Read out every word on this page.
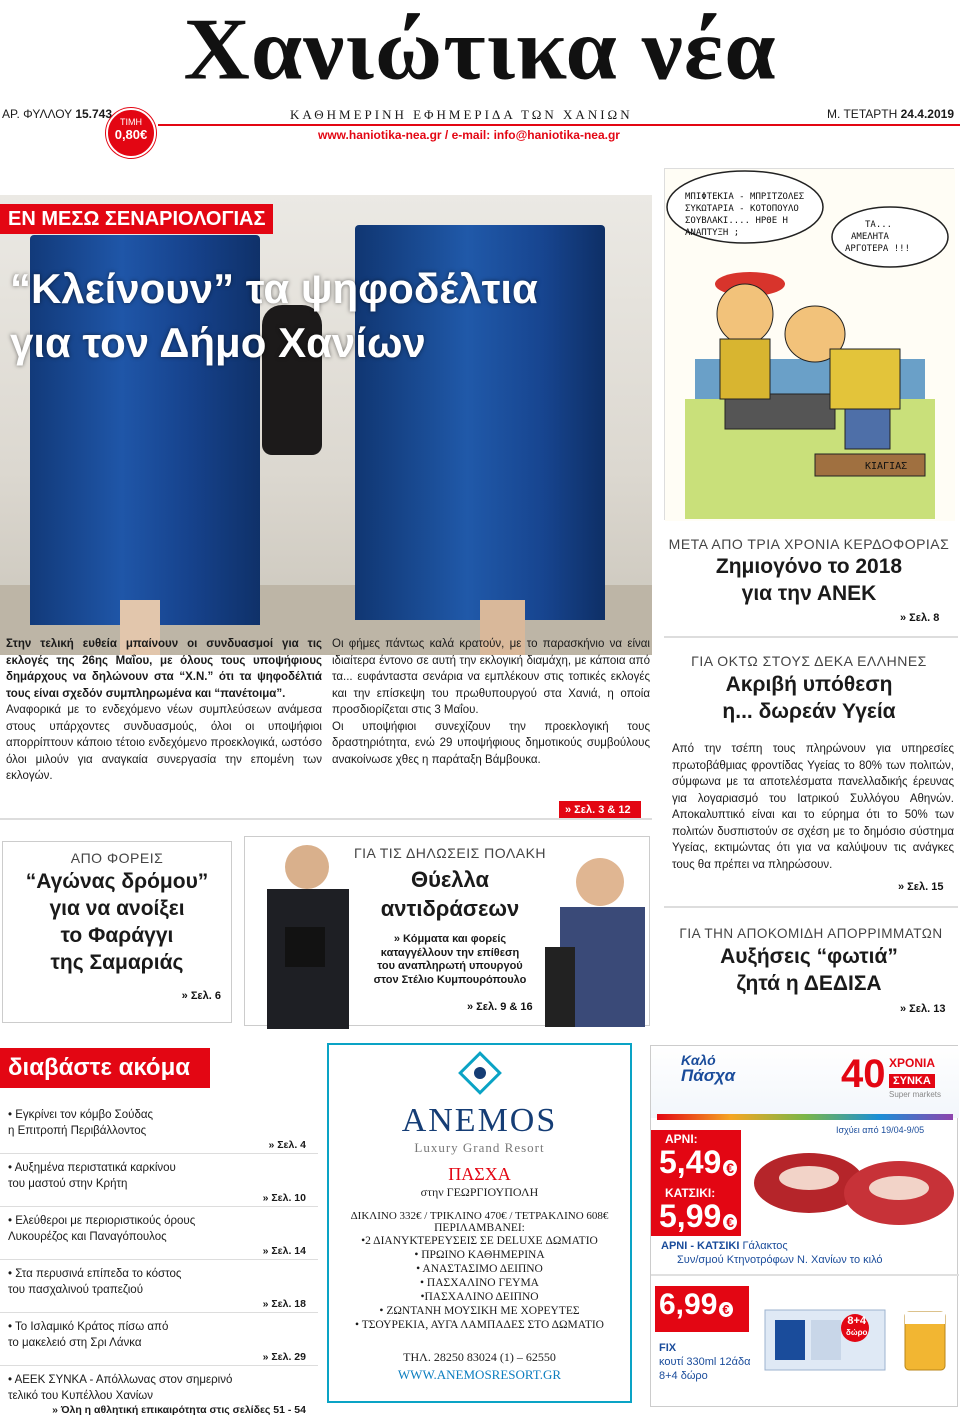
Χανιώτικα νέα
ΑΡ. ΦΥΛΛΟΥ 15.743	ΚΑΘΗΜΕΡΙΝΗ ΕΦΗΜΕΡΙΔΑ ΤΩΝ ΧΑΝΙΩΝ	Μ. ΤΕΤΑΡΤΗ 24.4.2019
ΤΙΜΗ
0,80€	www.haniotika-nea.gr / e-mail: info@haniotika-nea.gr
ΕΝ ΜΕΣΩ ΣΕΝΑΡΙΟΛΟΓΙΑΣ
“Κλείνουν” τα ψηφοδέλτια
για τον Δήμο Χανίων

Στην τελική ευθεία μπαίνουν οι συνδυασμοί για τις εκλογές της 26ης Μαΐου, με όλους τους υποψήφιους δημάρχους να δηλώνουν στα “Χ.Ν.” ότι τα ψηφοδέλτιά τους είναι σχεδόν συμπληρωμένα και “πανέτοιμα”.

Αναφορικά με το ενδεχόμενο νέων συμπλεύσεων ανάμεσα στους υπάρχοντες συνδυασμούς, όλοι οι υποψήφιοι απορρίπτουν κάποιο τέτοιο ενδεχόμενο προεκλογικά, ωστόσο όλοι μιλούν για αναγκαία συνεργασία την επομένη των εκλογών.

Οι φήμες πάντως καλά κρατούν, με το παρασκήνιο να είναι ιδιαίτερα έντονο σε αυτή την εκλογική διαμάχη, με κάποια από τα... ευφάνταστα σενάρια να εμπλέκουν στις τοπικές εκλογές και την επίσκεψη του πρωθυπουργού στα Χανιά, η οποία προσδιορίζεται στις 3 Μαΐου.

Οι υποψήφιοι συνεχίζουν την προεκλογική τους δραστηριότητα, ενώ 29 υποψήφιους δημοτικούς συμβούλους ανακοίνωσε χθες η παράταξη Βάμβουκα.

» Σελ. 3 & 12
ΜΠΙΦΤΕΚΙΑ - ΜΠΡΙΤΖΟΛΕΣ
ΣΥΚΩΤΑΡΙΑ - ΚΟΤΟΠΟΥΛΟ
ΣΟΥΒΛΑΚΙ.... ΗΡΘΕ Η
ΑΝΑΠΤΥΞΗ ;
ΤΑ...
ΑΜΕΛΗΤΑ
ΑΡΓΟΤΕΡΑ !!!
ΚΙΑΓΙΑΣ
ΜΕΤΑ ΑΠΟ ΤΡΙΑ ΧΡΟΝΙΑ ΚΕΡΔΟΦΟΡΙΑΣ
Ζημιογόνο το 2018
για την ΑΝΕΚ
» Σελ. 8
ΓΙΑ ΟΚΤΩ ΣΤΟΥΣ ΔΕΚΑ ΕΛΛΗΝΕΣ
Ακριβή υπόθεση
η... δωρεάν Υγεία
Από την τσέπη τους πληρώνουν για υπηρεσίες πρωτοβάθμιας φροντίδας Υγείας το 80% των πολιτών, σύμφωνα με τα αποτελέσματα πανελλαδικής έρευνας για λογαριασμό του Ιατρικού Συλλόγου Αθηνών. Αποκαλυπτικό είναι και το εύρημα ότι το 50% των πολιτών δυσπιστούν σε σχέση με το δημόσιο σύστημα Υγείας, εκτιμώντας ότι για να καλύψουν τις ανάγκες τους θα πρέπει να πληρώσουν.
» Σελ. 15
ΓΙΑ ΤΗΝ ΑΠΟΚΟΜΙΔΗ ΑΠΟΡΡΙΜΜΑΤΩΝ
Αυξήσεις “φωτιά”
ζητά η ΔΕΔΙΣΑ
» Σελ. 13
ΑΠΟ ΦΟΡΕΙΣ
“Αγώνας δρόμου”
για να ανοίξει
το Φαράγγι
της Σαμαριάς
» Σελ. 6
ΓΙΑ ΤΙΣ ΔΗΛΩΣΕΙΣ ΠΟΛΑΚΗ
Θύελλα
αντιδράσεων
» Κόμματα και φορείς
καταγγέλλουν την επίθεση
του αναπληρωτή υπουργού
στον Στέλιο Κυμπουρόπουλο
» Σελ. 9 & 16
διαβάστε ακόμα
• Εγκρίνει τον κόμβο Σούδας
η Επιτροπή Περιβάλλοντος
» Σελ. 4
• Αυξημένα περιστατικά καρκίνου
του μαστού στην Κρήτη
» Σελ. 10
• Ελεύθεροι με περιοριστικούς όρους
Λυκουρέζος και Παναγόπουλος
» Σελ. 14
• Στα περυσινά επίπεδα το κόστος
του πασχαλινού τραπεζιού
» Σελ. 18
• Το Ισλαμικό Κράτος πίσω από
το μακελειό στη Σρι Λάνκα
» Σελ. 29
• ΑΕΕΚ ΣΥΝΚΑ - Απόλλωνας στον σημερινό
τελικό του Κυπέλλου Χανίων
» Όλη η αθλητική επικαιρότητα στις σελίδες 51 - 54
ANEMOS
Luxury Grand Resort
ΠΑΣΧΑ
στην ΓΕΩΡΓΙΟΥΠΟΛΗ
ΔΙΚΛΙΝΟ 332€ / ΤΡΙΚΛΙΝΟ 470€ / ΤΕΤΡΑΚΛΙΝΟ 608€
ΠΕΡΙΛΑΜΒΑΝΕΙ:
•2 ΔΙΑΝΥΚΤΕΡΕΥΣΕΙΣ ΣΕ DELUXE ΔΩΜΑΤΙΟ
• ΠΡΩΙΝΟ ΚΑΘΗΜΕΡΙΝΑ
• ΑΝΑΣΤΑΣΙΜΟ ΔΕΙΠΝΟ
• ΠΑΣΧΑΛΙΝΟ ΓΕΥΜΑ
•ΠΑΣΧΑΛΙΝΟ ΔΕΙΠΝΟ
• ΖΩΝΤΑΝΗ ΜΟΥΣΙΚΗ ΜΕ ΧΟΡΕΥΤΕΣ
• ΤΣΟΥΡΕΚΙΑ, ΑΥΓΑ ΛΑΜΠΑΔΕΣ ΣΤΟ ΔΩΜΑΤΙΟ
ΤΗΛ. 28250 83024 (1) – 62550
WWW.ANEMOSRESORT.GR
Καλό
Πάσχα	40 ΧΡΟΝΙΑ
ΣΥΝΚΑ
Super markets
Ισχύει από 19/04-9/05
ΑΡΝΙ:
5,49 €
ΚΑΤΣΙΚΙ:
5,99 €
ΑΡΝΙ - ΚΑΤΣΙΚΙ Γάλακτος
Συν/σμού Κτηνοτρόφων Ν. Χανίων το κιλό
6,99 €
8+4
δώρο
FIX
κουτί 330ml 12άδα
8+4 δώρο
